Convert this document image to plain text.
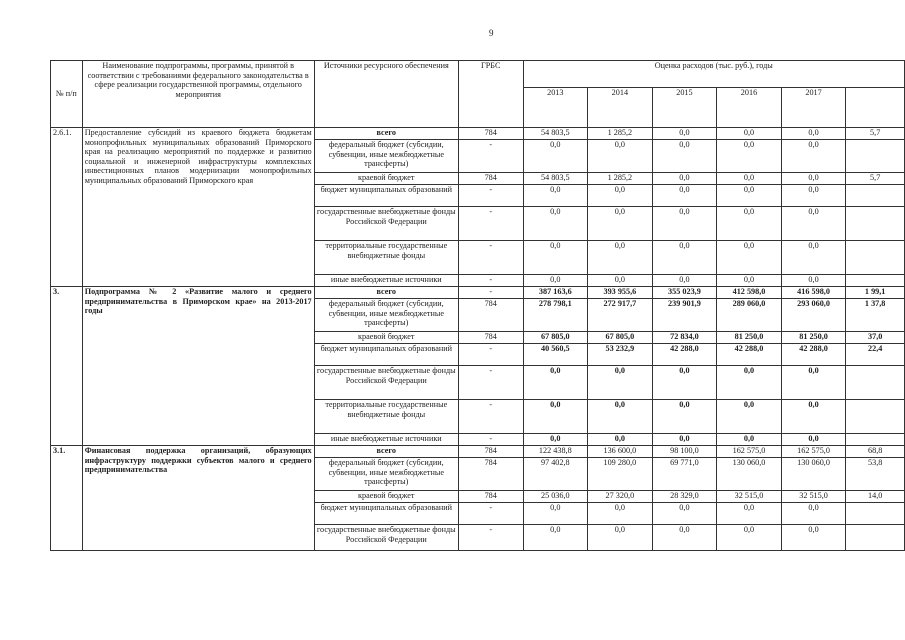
9
№ п/п	Наименование подпрограммы, программы, принятой в соответствии с требованиями федерального законодательства в сфере реализации государственной программы, отдельного мероприятия	Источники ресурсного обеспечения	ГРБС	Оценка расходов (тыс. руб.), годы					
				2013	2014	2015	2016	2017	
2.6.1.	Предоставление субсидий из краевого бюджета бюджетам монопрофильных муниципальных образований Приморского края на реализацию мероприятий по поддержке и развитию социальной и инженерной инфраструктуры комплексных инвестиционных планов модернизации монопрофильных муниципальных образований Приморского края	всего	784	54 803,5	1 285,2	0,0	0,0	0,0	5,7
		федеральный бюджет (субсидии, субвенции, иные межбюджетные трансферты)	-	0,0	0,0	0,0	0,0	0,0	
		краевой бюджет	784	54 803,5	1 285,2	0,0	0,0	0,0	5,7
		бюджет муниципальных образований	-	0,0	0,0	0,0	0,0	0,0	
		государственные внебюджетные фонды Российской Федерации	-	0,0	0,0	0,0	0,0	0,0	
		территориальные государственные внебюджетные фонды	-	0,0	0,0	0,0	0,0	0,0	
		иные внебюджетные источники	-	0,0	0,0	0,0	0,0	0,0	
3.	Подпрограмма № 2 «Развитие малого и среднего предпринимательства в Приморском крае» на 2013-2017 годы	всего	-	387 163,6	393 955,6	355 023,9	412 598,0	416 598,0	1 99,1
		федеральный бюджет (субсидии, субвенции, иные межбюджетные трансферты)	784	278 798,1	272 917,7	239 901,9	289 060,0	293 060,0	1 37,8
		краевой бюджет	784	67 805,0	67 805,0	72 834,0	81 250,0	81 250,0	37,0
		бюджет муниципальных образований	-	40 560,5	53 232,9	42 288,0	42 288,0	42 288,0	22,4
		государственные внебюджетные фонды Российской Федерации	-	0,0	0,0	0,0	0,0	0,0	
		территориальные государственные внебюджетные фонды	-	0,0	0,0	0,0	0,0	0,0	
		иные внебюджетные источники	-	0,0	0,0	0,0	0,0	0,0	
3.1.	Финансовая поддержка организаций, образующих инфраструктуру поддержки субъектов малого и среднего предпринимательства	всего	784	122 438,8	136 600,0	98 100,0	162 575,0	162 575,0	68,8
		федеральный бюджет (субсидии, субвенции, иные межбюджетные трансферты)	784	97 402,8	109 280,0	69 771,0	130 060,0	130 060,0	53,8
		краевой бюджет	784	25 036,0	27 320,0	28 329,0	32 515,0	32 515,0	14,0
		бюджет муниципальных образований	-	0,0	0,0	0,0	0,0	0,0	
		государственные внебюджетные фонды Российской Федерации	-	0,0	0,0	0,0	0,0	0,0	
